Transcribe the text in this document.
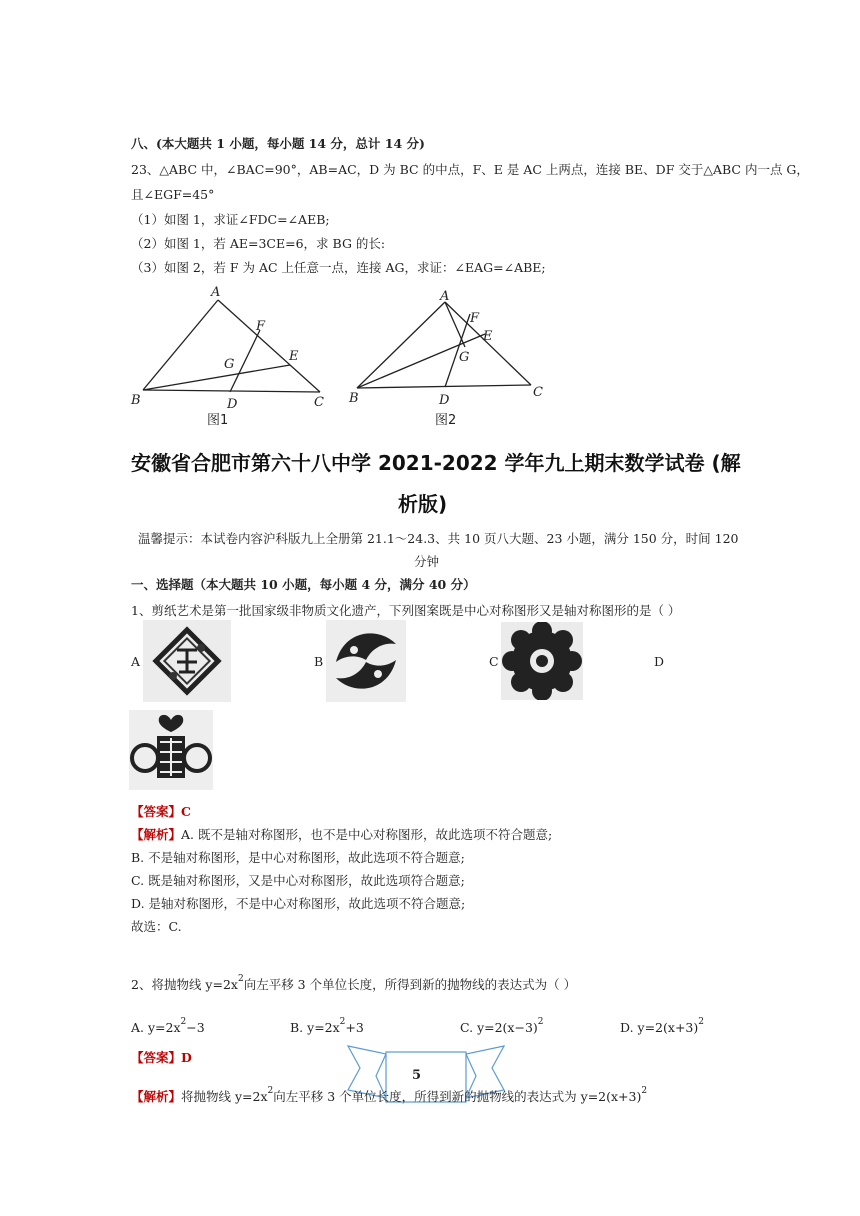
八、(本大题共 1 小题，每小题 14 分，总计 14 分)
23、△ABC 中，∠BAC=90°，AB=AC，D 为 BC 的中点，F、E 是 AC 上两点，连接 BE、DF 交于△ABC 内一点 G，
且∠EGF=45°
（1）如图 1，求证∠FDC=∠AEB;
（2）如图 1，若 AE=3CE=6，求 BG 的长:
（3）如图 2，若 F 为 AC 上任意一点，连接 AG，求证：∠EAG=∠ABE;
A
B	C
D
E
F
G
图1
A
B	C
D
E
F
G
图2
安徽省合肥市第六十八中学 2021-2022 学年九上期末数学试卷 (解
析版)
温馨提示：本试卷内容沪科版九上全册第 21.1～24.3、共 10 页八大题、23 小题，满分 150 分，时间 120
分钟
一、选择题（本大题共 10 小题，每小题 4 分，满分 40 分）
1、剪纸艺术是第一批国家级非物质文化遗产，下列图案既是中心对称图形又是轴对称图形的是（ ）
A	B	C	D
【答案】C
【解析】A. 既不是轴对称图形，也不是中心对称图形，故此选项不符合题意;
B. 不是轴对称图形，是中心对称图形，故此选项不符合题意;
C. 既是轴对称图形，又是中心对称图形，故此选项符合题意;
D. 是轴对称图形，不是中心对称图形，故此选项不符合题意;
故选：C.
2、将抛物线 $y=2x^2$向左平移 3 个单位长度，所得到新的抛物线的表达式为（ ）
A. $y=2x^2-3$	B. $y=2x^2+3$	C. $y=2(x-3)^2$	D. $y=2(x+3)^2$
【答案】D
5
【解析】将抛物线 $y=2x^2$向左平移 3 个单位长度，所得到新的抛物线的表达式为 $y=2(x+3)^2$
